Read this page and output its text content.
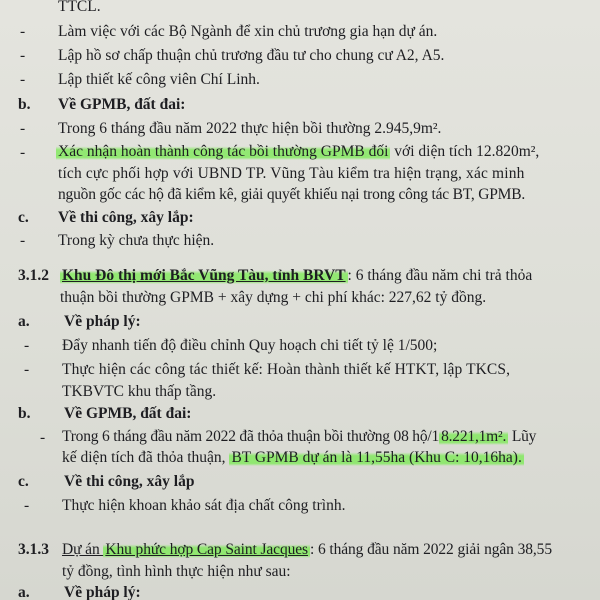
TTCL.
- Làm việc với các Bộ Ngành để xin chủ trương gia hạn dự án.
- Lập hồ sơ chấp thuận chủ trương đầu tư cho chung cư A2, A5.
- Lập thiết kế công viên Chí Linh.
b. Về GPMB, đất đai:
- Trong 6 tháng đầu năm 2022 thực hiện bồi thường 2.945,9m².
- Xác nhận hoàn thành công tác bồi thường GPMB đối với diện tích 12.820m²,
tích cực phối hợp với UBND TP. Vũng Tàu kiểm tra hiện trạng, xác minh
nguồn gốc các hộ đã kiểm kê, giải quyết khiếu nại trong công tác BT, GPMB.
c. Về thi công, xây lắp:
- Trong kỳ chưa thực hiện.
3.1.2 Khu Đô thị mới Bắc Vũng Tàu, tỉnh BRVT : 6 tháng đầu năm chi trả thỏa
thuận bồi thường GPMB + xây dựng + chi phí khác: 227,62 tỷ đồng.
a. Về pháp lý:
- Đẩy nhanh tiến độ điều chỉnh Quy hoạch chi tiết tỷ lệ 1/500;
- Thực hiện các công tác thiết kế: Hoàn thành thiết kế HTKT, lập TKCS,
TKBVTC khu thấp tầng.
b. Về GPMB, đất đai:
- Trong 6 tháng đầu năm 2022 đã thỏa thuận bồi thường 08 hộ/1 8.221,1m². Lũy
kế diện tích đã thỏa thuận, BT GPMB dự án là 11,55ha (Khu C: 10,16ha).
c. Về thi công, xây lắp
- Thực hiện khoan khảo sát địa chất công trình.
3.1.3 Dự án Khu phức hợp Cap Saint Jacques : 6 tháng đầu năm 2022 giải ngân 38,55
tỷ đồng, tình hình thực hiện như sau:
a. Về pháp lý:
